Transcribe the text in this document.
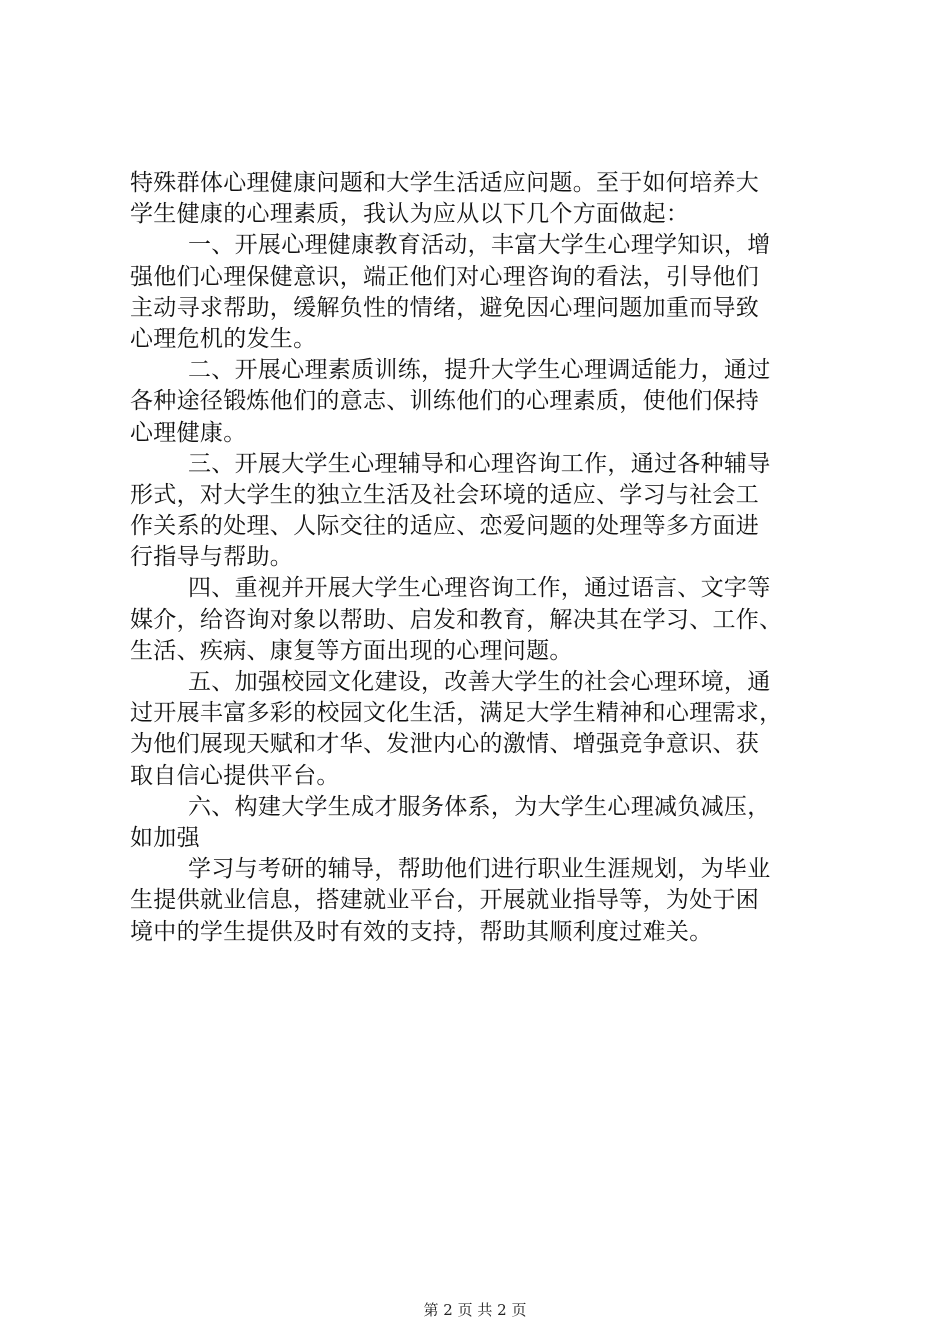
特殊群体心理健康问题和大学生活适应问题。至于如何培养大
学生健康的心理素质，我认为应从以下几个方面做起：
一、开展心理健康教育活动，丰富大学生心理学知识，增
强他们心理保健意识，端正他们对心理咨询的看法，引导他们
主动寻求帮助，缓解负性的情绪，避免因心理问题加重而导致
心理危机的发生。
二、开展心理素质训练，提升大学生心理调适能力，通过
各种途径锻炼他们的意志、训练他们的心理素质，使他们保持
心理健康。
三、开展大学生心理辅导和心理咨询工作，通过各种辅导
形式，对大学生的独立生活及社会环境的适应、学习与社会工
作关系的处理、人际交往的适应、恋爱问题的处理等多方面进
行指导与帮助。
四、重视并开展大学生心理咨询工作，通过语言、文字等
媒介，给咨询对象以帮助、启发和教育，解决其在学习、工作、
生活、疾病、康复等方面出现的心理问题。
五、加强校园文化建设，改善大学生的社会心理环境，通
过开展丰富多彩的校园文化生活，满足大学生精神和心理需求，
为他们展现天赋和才华、发泄内心的激情、增强竞争意识、获
取自信心提供平台。
六、构建大学生成才服务体系，为大学生心理减负减压，
如加强
学习与考研的辅导，帮助他们进行职业生涯规划，为毕业
生提供就业信息，搭建就业平台，开展就业指导等，为处于困
境中的学生提供及时有效的支持，帮助其顺利度过难关。
第 2 页 共 2 页
